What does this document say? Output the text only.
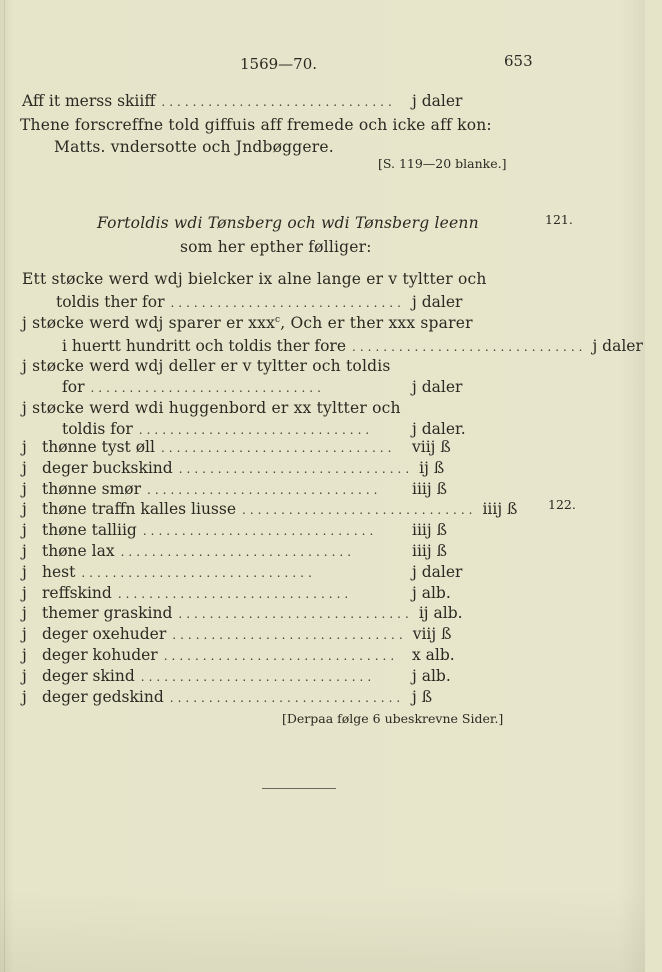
1569—70.	653
Aff it merss skiiff ..............................	j daler
Thene forscreffne told giffuis aff fremede och icke aff kon:
Matts. vndersotte och Jndbøggere.
[S. 119—20 blanke.]
Fortoldis wdi Tønsberg och wdi Tønsberg leenn	121.
som her epther følliger:
Ett støcke werd wdj bielcker ix alne lange er v tyltter och
toldis ther for .............................. j daler
j støcke werd wdj sparer er xxx$^c$, Och er ther xxx sparer
i huertt hundritt och toldis ther fore .............................. j daler
j støcke werd wdj deller er v tyltter och toldis
for ..............................	j daler
j støcke werd wdi huggenbord er xx tyltter och
toldis for ..............................	j daler.
j thønne tyst øll ..............................	viij ß
j deger buckskind .............................. ij ß
j thønne smør ..............................	iiij ß
j thøne traffn kalles liusse .............................. iiij ß
j thøne talliig ..............................	iiij ß
j thøne lax ..............................	iiij ß
j hest ..............................	j daler
j reffskind ..............................	j alb.
j themer graskind .............................. ij alb.
j deger oxehuder .............................. viij ß
j deger kohuder .............................. x alb.
j deger skind ..............................	j alb.
j deger gedskind .............................. j ß
122.
[Derpaa følge 6 ubeskrevne Sider.]
